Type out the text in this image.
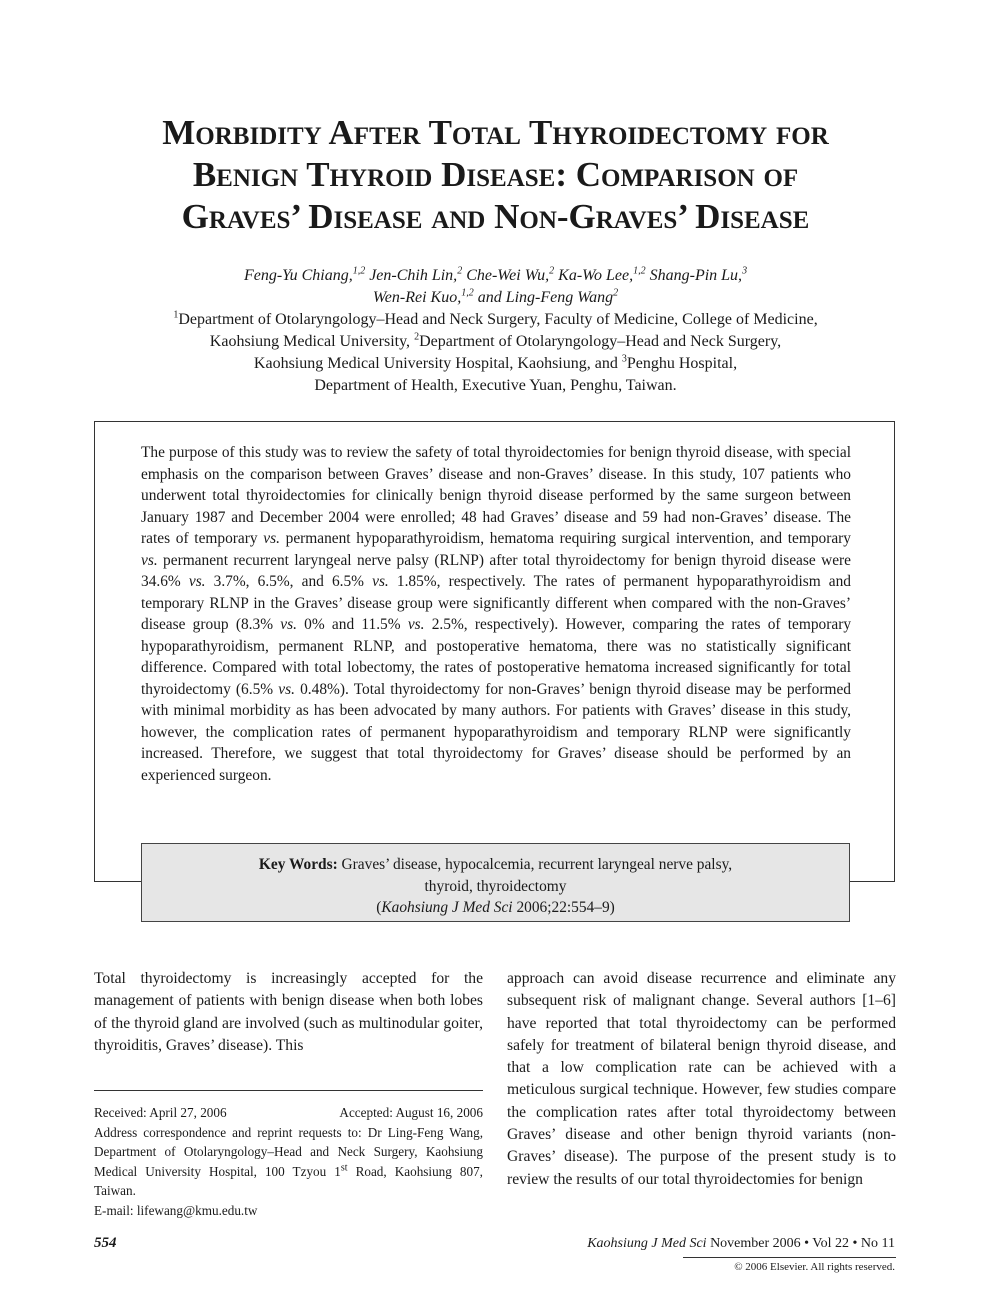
Morbidity After Total Thyroidectomy for
Benign Thyroid Disease: Comparison of
Graves’ Disease and Non-Graves’ Disease
Feng-Yu Chiang,$^{1,2}$ Jen-Chih Lin,$^2$ Che-Wei Wu,$^2$ Ka-Wo Lee,$^{1,2}$ Shang-Pin Lu,$^3$
Wen-Rei Kuo,$^{1,2}$ and Ling-Feng Wang$^2$
$^1$Department of Otolaryngology–Head and Neck Surgery, Faculty of Medicine, College of Medicine,
Kaohsiung Medical University, $^2$Department of Otolaryngology–Head and Neck Surgery,
Kaohsiung Medical University Hospital, Kaohsiung, and $^3$Penghu Hospital,
Department of Health, Executive Yuan, Penghu, Taiwan.

The purpose of this study was to review the safety of total thyroidectomies for benign thyroid disease, with special emphasis on the comparison between Graves’ disease and non-Graves’ disease. In this study, 107 patients who underwent total thyroidectomies for clinically benign thyroid disease performed by the same surgeon between January 1987 and December 2004 were enrolled; 48 had Graves’ disease and 59 had non-Graves’ disease. The rates of temporary vs. permanent hypoparathyroidism, hematoma requiring surgical intervention, and temporary vs. permanent recurrent laryngeal nerve palsy (RLNP) after total thyroidectomy for benign thyroid disease were 34.6% vs. 3.7%, 6.5%, and 6.5% vs. 1.85%, respectively. The rates of permanent hypoparathyroidism and temporary RLNP in the Graves’ disease group were significantly different when compared with the non-Graves’ disease group (8.3% vs. 0% and 11.5% vs. 2.5%, respectively). However, comparing the rates of temporary hypoparathyroidism, permanent RLNP, and postoperative hematoma, there was no statistically significant difference. Compared with total lobectomy, the rates of postoperative hematoma increased significantly for total thyroidectomy (6.5% vs. 0.48%). Total thyroidectomy for non-Graves’ benign thyroid disease may be performed with minimal morbidity as has been advocated by many authors. For patients with Graves’ disease in this study, however, the complication rates of permanent hypoparathyroidism and temporary RLNP were significantly increased. Therefore, we suggest that total thyroidectomy for Graves’ disease should be performed by an experienced surgeon.

Key Words: Graves’ disease, hypocalcemia, recurrent laryngeal nerve palsy,
thyroid, thyroidectomy
(Kaohsiung J Med Sci 2006;22:554–9)

Total thyroidectomy is increasingly accepted for the management of patients with benign disease when both lobes of the thyroid gland are involved (such as multinodular goiter, thyroiditis, Graves’ disease). This

approach can avoid disease recurrence and eliminate any subsequent risk of malignant change. Several authors [1–6] have reported that total thyroidectomy can be performed safely for treatment of bilateral benign thyroid disease, and that a low complication rate can be achieved with a meticulous surgical technique. However, few studies compare the complication rates after total thyroidectomy between Graves’ disease and other benign thyroid variants (non-Graves’ disease). The purpose of the present study is to review the results of our total thyroidectomies for benign

Received: April 27, 2006	Accepted: August 16, 2006
Address correspondence and reprint requests to: Dr Ling-Feng Wang, Department of Otolaryngology–Head and Neck Surgery, Kaohsiung Medical University Hospital, 100 Tzyou 1st Road, Kaohsiung 807, Taiwan.
E-mail: lifewang@kmu.edu.tw
554	Kaohsiung J Med Sci November 2006 • Vol 22 • No 11
© 2006 Elsevier. All rights reserved.
